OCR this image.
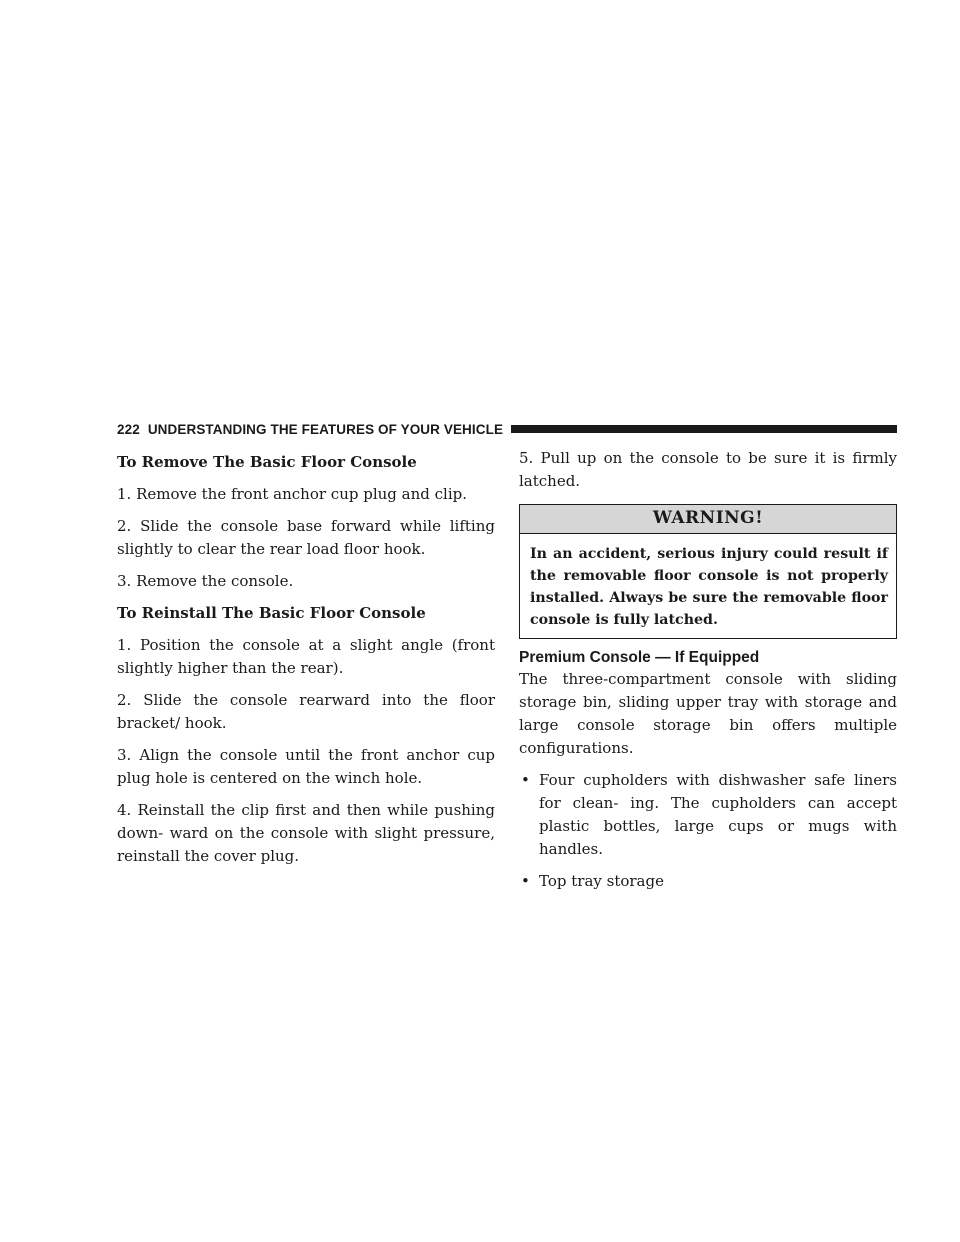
222 UNDERSTANDING THE FEATURES OF YOUR VEHICLE
To Remove The Basic Floor Console

1. Remove the front anchor cup plug and clip.

2. Slide the console base forward while lifting slightly to clear the rear load floor hook.

3. Remove the console.

To Reinstall The Basic Floor Console

1. Position the console at a slight angle (front slightly higher than the rear).

2. Slide the console rearward into the floor bracket/ hook.

3. Align the console until the front anchor cup plug hole is centered on the winch hole.

4. Reinstall the clip first and then while pushing down- ward on the console with slight pressure, reinstall the cover plug.

5. Pull up on the console to be sure it is firmly latched.

WARNING!
In an accident, serious injury could result if the removable floor console is not properly installed. Always be sure the removable floor console is fully latched.
Premium Console — If Equipped

The three-compartment console with sliding storage bin, sliding upper tray with storage and large console storage bin offers multiple configurations.

• Four cupholders with dishwasher safe liners for clean- ing. The cupholders can accept plastic bottles, large cups or mugs with handles.
• Top tray storage
